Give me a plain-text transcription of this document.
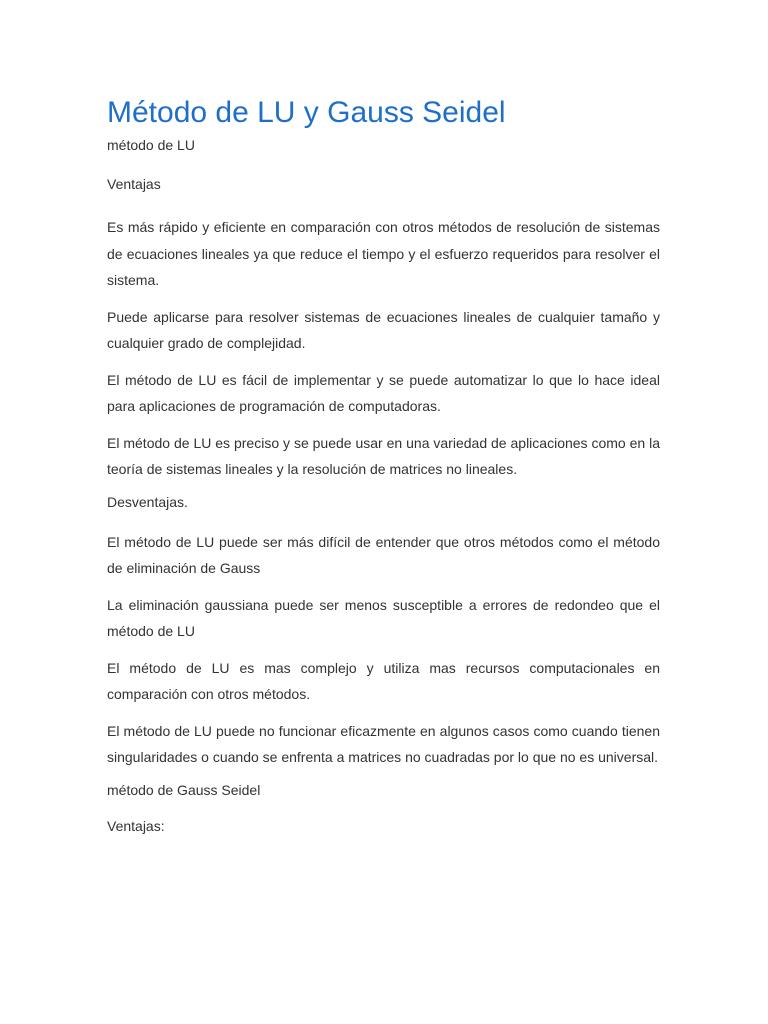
Método de LU y Gauss Seidel

método de LU

Ventajas

Es más rápido y eficiente en comparación con otros métodos de resolución de sistemas de ecuaciones lineales ya que reduce el tiempo y el esfuerzo requeridos para resolver el sistema.

Puede aplicarse para resolver sistemas de ecuaciones lineales de cualquier tamaño y cualquier grado de complejidad.

El método de LU es fácil de implementar y se puede automatizar lo que lo hace ideal para aplicaciones de programación de computadoras.

El método de LU es preciso y se puede usar en una variedad de aplicaciones como en la teoría de sistemas lineales y la resolución de matrices no lineales.

Desventajas.

El método de LU puede ser más difícil de entender que otros métodos como el método de eliminación de Gauss

La eliminación gaussiana puede ser menos susceptible a errores de redondeo que el método de LU

El método de LU es mas complejo y utiliza mas recursos computacionales en comparación con otros métodos.

El método de LU puede no funcionar eficazmente en algunos casos como cuando tienen singularidades o cuando se enfrenta a matrices no cuadradas por lo que no es universal.

método de Gauss Seidel

Ventajas:
